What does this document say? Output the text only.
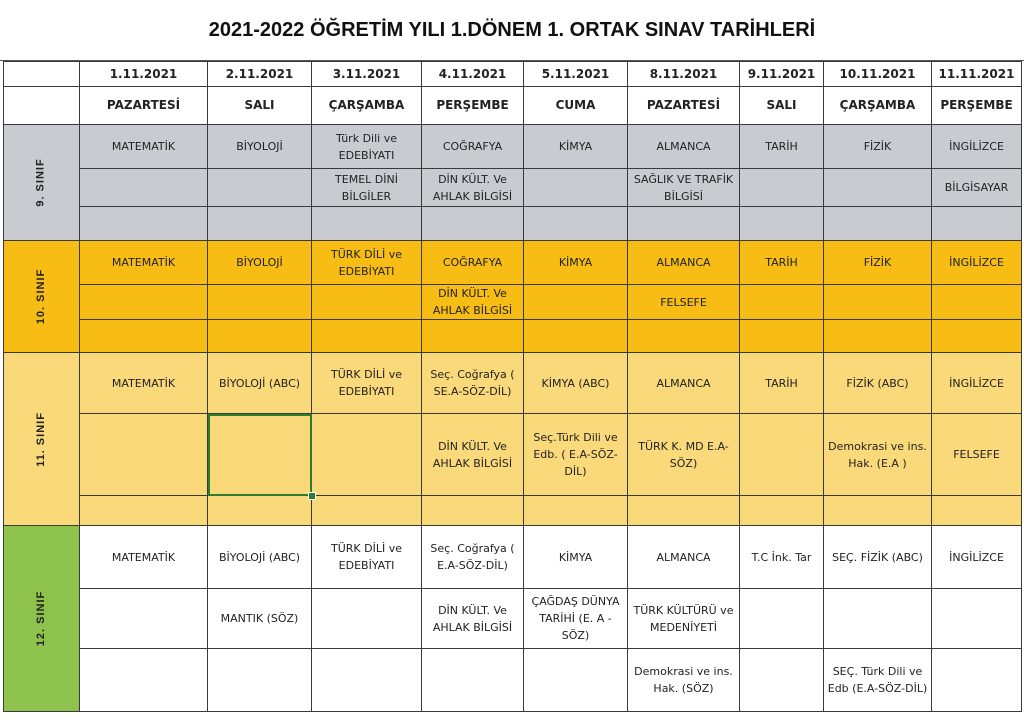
2021-2022 ÖĞRETİM YILI 1.DÖNEM 1. ORTAK SINAV TARİHLERİ
	1.11.2021	2.11.2021	3.11.2021	4.11.2021	5.11.2021	8.11.2021	9.11.2021	10.11.2021	11.11.2021
	PAZARTESİ	SALI	ÇARŞAMBA	PERŞEMBE	CUMA	PAZARTESİ	SALI	ÇARŞAMBA	PERŞEMBE
9. SINIF	MATEMATİK	BİYOLOJİ	Türk Dili ve EDEBİYATI	COĞRAFYA	KİMYA	ALMANCA	TARİH	FİZİK	İNGİLİZCE
			TEMEL DİNİ BİLGİLER	DİN KÜLT. Ve AHLAK BİLGİSİ		SAĞLIK VE TRAFİK BİLGİSİ			BİLGİSAYAR

10. SINIF	MATEMATİK	BİYOLOJİ	TÜRK DİLİ ve EDEBİYATI	COĞRAFYA	KİMYA	ALMANCA	TARİH	FİZİK	İNGİLİZCE
				DİN KÜLT. Ve AHLAK BİLGİSİ		FELSEFE			

11. SINIF	MATEMATİK	BİYOLOJİ (ABC)	TÜRK DİLİ ve EDEBİYATI	Seç. Coğrafya ( SE.A-SÖZ-DİL)	KİMYA (ABC)	ALMANCA	TARİH	FİZİK (ABC)	İNGİLİZCE
				DİN KÜLT. Ve AHLAK BİLGİSİ	Seç.Türk Dili ve Edb. ( E.A-SÖZ-DİL)	TÜRK K. MD E.A- SÖZ)		Demokrasi ve ins. Hak. (E.A )	FELSEFE

12. SINIF	MATEMATİK	BİYOLOJİ (ABC)	TÜRK DİLİ ve EDEBİYATI	Seç. Coğrafya ( E.A-SÖZ-DİL)	KİMYA	ALMANCA	T.C İnk. Tar	SEÇ. FİZİK (ABC)	İNGİLİZCE
		MANTIK (SÖZ)		DİN KÜLT. Ve AHLAK BİLGİSİ	ÇAĞDAŞ DÜNYA TARİHİ (E. A -SÖZ)	TÜRK KÜLTÜRÜ ve MEDENİYETİ			
						Demokrasi ve ins. Hak. (SÖZ)		SEÇ. Türk Dili ve Edb (E.A-SÖZ-DİL)	
